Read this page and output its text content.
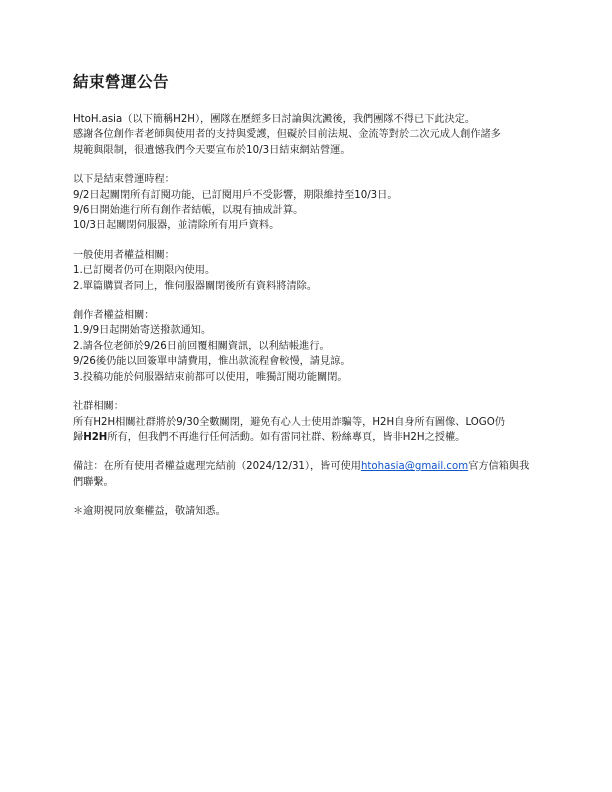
結束營運公告
HtoH.asia（以下簡稱H2H），團隊在歷經多日討論與沈澱後，我們團隊不得已下此決定。
感謝各位創作者老師與使用者的支持與愛護，但礙於目前法規、金流等對於二次元成人創作諸多
規範與限制，很遺憾我們今天要宣布於10/3日結束網站營運。
以下是結束營運時程：
9/2日起關閉所有訂閱功能，已訂閱用戶不受影響，期限維持至10/3日。
9/6日開始進行所有創作者結帳，以現有抽成計算。
10/3日起關閉伺服器，並清除所有用戶資料。
一般使用者權益相關：
1.已訂閱者仍可在期限內使用。
2.單篇購買者同上，惟伺服器關閉後所有資料將清除。
創作者權益相關：
1.9/9日起開始寄送撥款通知。
2.請各位老師於9/26日前回覆相關資訊，以利結帳進行。
9/26後仍能以回簽單申請費用，惟出款流程會較慢，請見諒。
3.投稿功能於伺服器結束前都可以使用，唯獨訂閱功能關閉。
社群相關：
所有H2H相關社群將於9/30全數關閉，避免有心人士使用詐騙等，H2H自身所有圖像、LOGO仍
歸H2H所有，但我們不再進行任何活動。如有雷同社群、粉絲專頁，皆非H2H之授權。
備註：在所有使用者權益處理完結前（2024/12/31），皆可使用htohasia@gmail.com官方信箱與我
們聯繫。
＊逾期視同放棄權益，敬請知悉。
